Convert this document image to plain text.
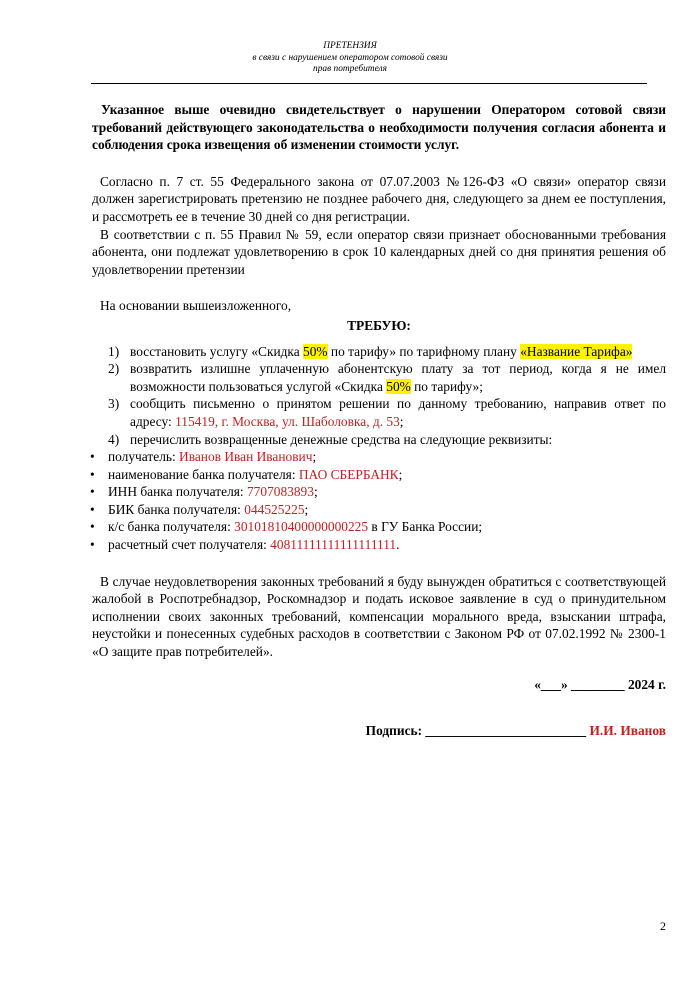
ПРЕТЕНЗИЯ
в связи с нарушением оператором сотовой связи
прав потребителя

Указанное выше очевидно свидетельствует о нарушении Оператором сотовой связи требований действующего законодательства о необходимости получения согласия абонента и соблюдения срока извещения об изменении стоимости услуг.

Согласно п. 7 ст. 55 Федерального закона от 07.07.2003 №126-ФЗ «О связи» оператор связи должен зарегистрировать претензию не позднее рабочего дня, следующего за днем ее поступления, и рассмотреть ее в течение 30 дней со дня регистрации.

В соответствии с п. 55 Правил № 59, если оператор связи признает обоснованными требования абонента, они подлежат удовлетворению в срок 10 календарных дней со дня принятия решения об удовлетворении претензии

На основании вышеизложенного,

ТРЕБУЮ:

1) восстановить услугу «Скидка 50% по тарифу» по тарифному плану «Название Тарифа»
2) возвратить излишне уплаченную абонентскую плату за тот период, когда я не имел возможности пользоваться услугой «Скидка 50% по тарифу»;
3) сообщить письменно о принятом решении по данному требованию, направив ответ по адресу: 115419, г. Москва, ул. Шаболовка, д. 53;
4) перечислить возвращенные денежные средства на следующие реквизиты:
• получатель: Иванов Иван Иванович;
• наименование банка получателя: ПАО СБЕРБАНК;
• ИНН банка получателя: 7707083893;
• БИК банка получателя: 044525225;
• к/с банка получателя: 30101810400000000225 в ГУ Банка России;
• расчетный счет получателя: 40811111111111111111.

В случае неудовлетворения законных требований я буду вынужден обратиться с соответствующей жалобой в Роспотребнадзор, Роскомнадзор и подать исковое заявление в суд о принудительном исполнении своих законных требований, компенсации морального вреда, взыскании штрафа, неустойки и понесенных судебных расходов в соответствии с Законом РФ от 07.02.1992 № 2300-1 «О защите прав потребителей».

«___» ________ 2024 г.
Подпись: ________________________ И.И. Иванов
2
